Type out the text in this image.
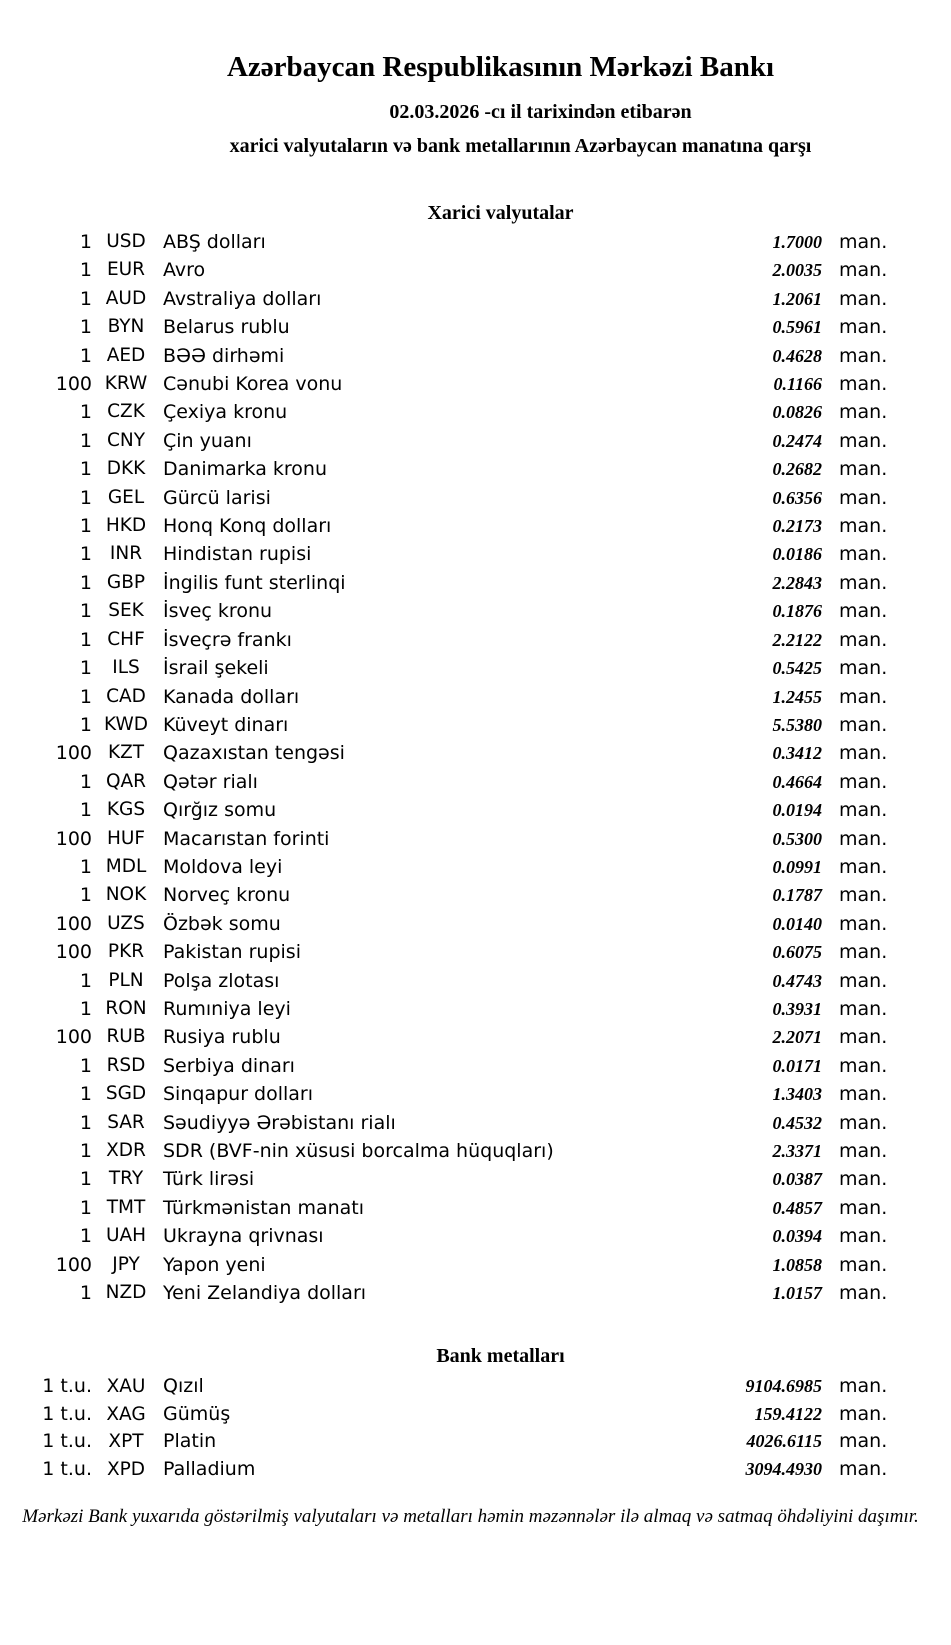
Azərbaycan Respublikasının Mərkəzi Bankı
02.03.2026 -cı il tarixindən etibarən
xarici valyutaların və bank metallarının Azərbaycan manatına qarşı
Xarici valyutalar
1 USD ABŞ dolları	1.7000 man.
1 EUR Avro	2.0035 man.
1 AUD Avstraliya dolları	1.2061 man.
1 BYN Belarus rublu	0.5961 man.
1 AED BƏƏ dirhəmi	0.4628 man.
100 KRW Cənubi Korea vonu	0.1166 man.
1 CZK Çexiya kronu	0.0826 man.
1 CNY Çin yuanı	0.2474 man.
1 DKK Danimarka kronu	0.2682 man.
1 GEL Gürcü larisi	0.6356 man.
1 HKD Honq Konq dolları	0.2173 man.
1 INR	Hindistan rupisi	0.0186 man.
1 GBP İngilis funt sterlinqi	2.2843 man.
1 SEK	İsveç kronu	0.1876 man.
1 CHF İsveçrə frankı	2.2122 man.
1	ILS	İsrail şekeli	0.5425 man.
1 CAD Kanada dolları	1.2455 man.
1 KWD Küveyt dinarı	5.5380 man.
100 KZT Qazaxıstan tengəsi	0.3412 man.
1 QAR Qətər rialı	0.4664 man.
1 KGS Qırğız somu	0.0194 man.
100 HUF Macarıstan forinti	0.5300 man.
1 MDL Moldova leyi	0.0991 man.
1 NOK Norveç kronu	0.1787 man.
100 UZS Özbək somu	0.0140 man.
100 PKR Pakistan rupisi	0.6075 man.
1 PLN	Polşa zlotası	0.4743 man.
1 RON Rumıniya leyi	0.3931 man.
100 RUB Rusiya rublu	2.2071 man.
1 RSD Serbiya dinarı	0.0171 man.
1 SGD Sinqapur dolları	1.3403 man.
1 SAR Səudiyyə Ərəbistanı rialı	0.4532 man.
1 XDR SDR (BVF-nin xüsusi borcalma hüquqları)	2.3371 man.
1 TRY	Türk lirəsi	0.0387 man.
1 TMT Türkmənistan manatı	0.4857 man.
1 UAH Ukrayna qrivnası	0.0394 man.
100	JPY	Yapon yeni	1.0858 man.
1 NZD Yeni Zelandiya dolları	1.0157 man.
Bank metalları
1 t.u. XAU Qızıl	9104.6985 man.
1 t.u. XAG Gümüş	159.4122 man.
1 t.u. XPT	Platin	4026.6115 man.
1 t.u. XPD Palladium	3094.4930 man.
Mərkəzi Bank yuxarıda göstərilmiş valyutaları və metalları həmin məzənnələr ilə almaq və satmaq öhdəliyini daşımır.
